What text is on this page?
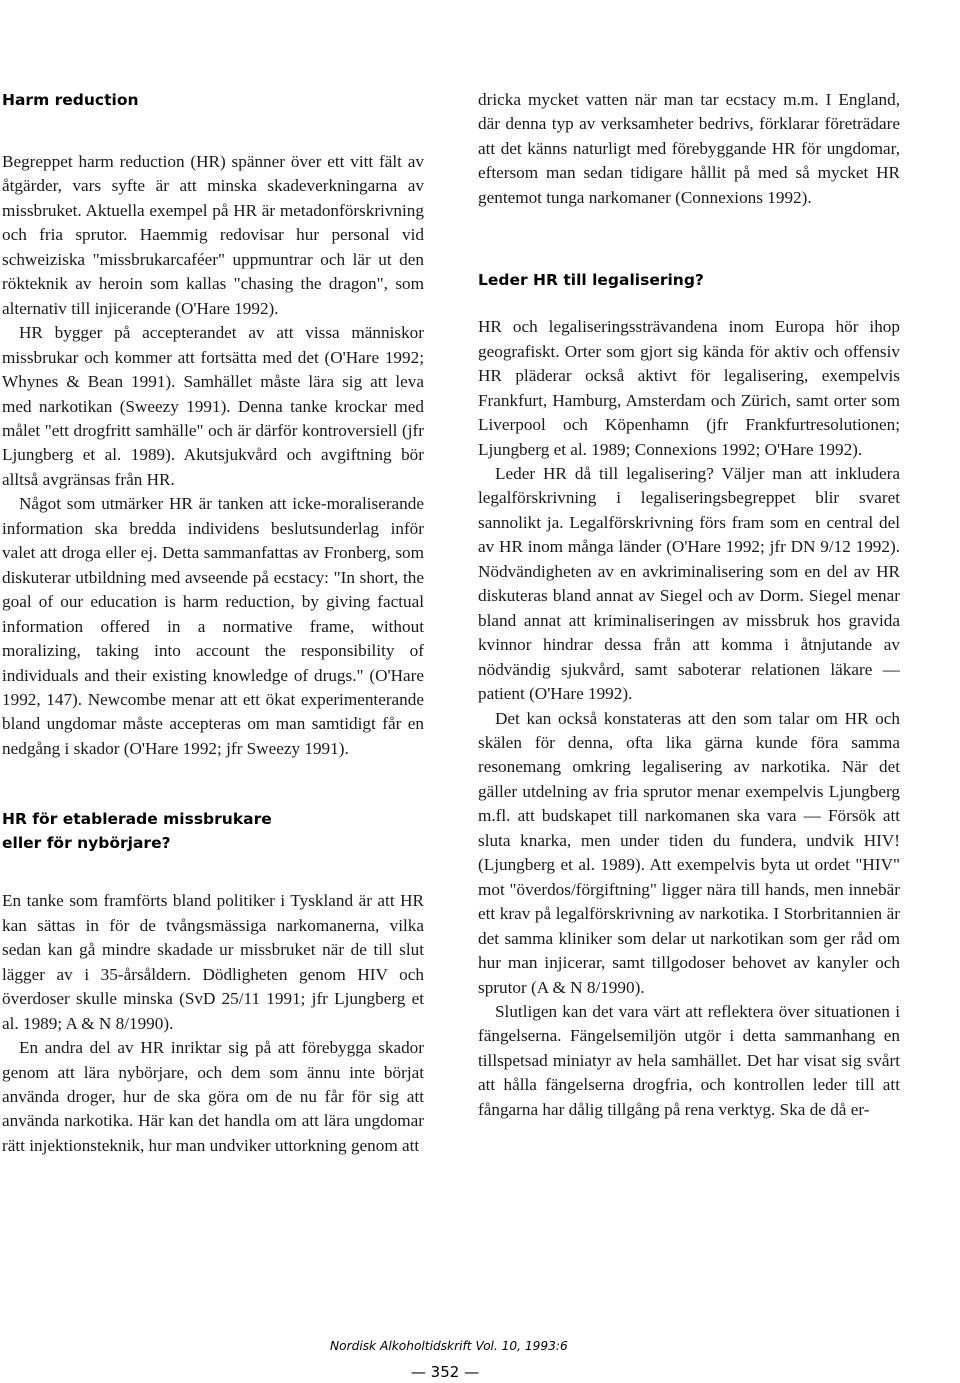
Harm reduction

Begreppet harm reduction (HR) spänner över ett vitt fält av åtgärder, vars syfte är att minska skadeverkningarna av missbruket. Aktuella exempel på HR är metadonförskrivning och fria sprutor. Haemmig redovisar hur personal vid schweiziska "missbrukarcaféer" uppmuntrar och lär ut den rökteknik av heroin som kallas "chasing the dragon", som alternativ till injicerande (O'Hare 1992).

HR bygger på accepterandet av att vissa människor missbrukar och kommer att fortsätta med det (O'Hare 1992; Whynes & Bean 1991). Samhället måste lära sig att leva med narkotikan (Sweezy 1991). Denna tanke krockar med målet "ett drogfritt samhälle" och är därför kontroversiell (jfr Ljungberg et al. 1989). Akutsjukvård och avgiftning bör alltså avgränsas från HR.

Något som utmärker HR är tanken att icke-moraliserande information ska bredda individens beslutsunderlag inför valet att droga eller ej. Detta sammanfattas av Fronberg, som diskuterar utbildning med avseende på ecstacy: "In short, the goal of our education is harm reduction, by giving factual information offered in a normative frame, without moralizing, taking into account the responsibility of individuals and their existing knowledge of drugs." (O'Hare 1992, 147). Newcombe menar att ett ökat experimenterande bland ungdomar måste accepteras om man samtidigt får en nedgång i skador (O'Hare 1992; jfr Sweezy 1991).

HR för etablerade missbrukare
eller för nybörjare?

En tanke som framförts bland politiker i Tyskland är att HR kan sättas in för de tvångsmässiga narkomanerna, vilka sedan kan gå mindre skadade ur missbruket när de till slut lägger av i 35-årsåldern. Dödligheten genom HIV och överdoser skulle minska (SvD 25/11 1991; jfr Ljungberg et al. 1989; A & N 8/1990).

En andra del av HR inriktar sig på att förebygga skador genom att lära nybörjare, och dem som ännu inte börjat använda droger, hur de ska göra om de nu får för sig att använda narkotika. Här kan det handla om att lära ungdomar rätt injektionsteknik, hur man undviker uttorkning genom att

dricka mycket vatten när man tar ecstacy m.m. I England, där denna typ av verksamheter bedrivs, förklarar företrädare att det känns naturligt med förebyggande HR för ungdomar, eftersom man sedan tidigare hållit på med så mycket HR gentemot tunga narkomaner (Connexions 1992).

Leder HR till legalisering?

HR och legaliseringssträvandena inom Europa hör ihop geografiskt. Orter som gjort sig kända för aktiv och offensiv HR pläderar också aktivt för legalisering, exempelvis Frankfurt, Hamburg, Amsterdam och Zürich, samt orter som Liverpool och Köpenhamn (jfr Frankfurtresolutionen; Ljungberg et al. 1989; Connexions 1992; O'Hare 1992).

Leder HR då till legalisering? Väljer man att inkludera legalförskrivning i legaliseringsbegreppet blir svaret sannolikt ja. Legalförskrivning förs fram som en central del av HR inom många länder (O'Hare 1992; jfr DN 9/12 1992). Nödvändigheten av en avkriminalisering som en del av HR diskuteras bland annat av Siegel och av Dorm. Siegel menar bland annat att kriminaliseringen av missbruk hos gravida kvinnor hindrar dessa från att komma i åtnjutande av nödvändig sjukvård, samt saboterar relationen läkare — patient (O'Hare 1992).

Det kan också konstateras att den som talar om HR och skälen för denna, ofta lika gärna kunde föra samma resonemang omkring legalisering av narkotika. När det gäller utdelning av fria sprutor menar exempelvis Ljungberg m.fl. att budskapet till narkomanen ska vara — Försök att sluta knarka, men under tiden du fundera, undvik HIV! (Ljungberg et al. 1989). Att exempelvis byta ut ordet "HIV" mot "överdos/förgiftning" ligger nära till hands, men innebär ett krav på legalförskrivning av narkotika. I Storbritannien är det samma kliniker som delar ut narkotikan som ger råd om hur man injicerar, samt tillgodoser behovet av kanyler och sprutor (A & N 8/1990).

Slutligen kan det vara värt att reflektera över situationen i fängelserna. Fängelsemiljön utgör i detta sammanhang en tillspetsad miniatyr av hela samhället. Det har visat sig svårt att hålla fängelserna drogfria, och kontrollen leder till att fångarna har dålig tillgång på rena verktyg. Ska de då er-

Nordisk Alkoholtidskrift Vol. 10, 1993:6
— 352 —
